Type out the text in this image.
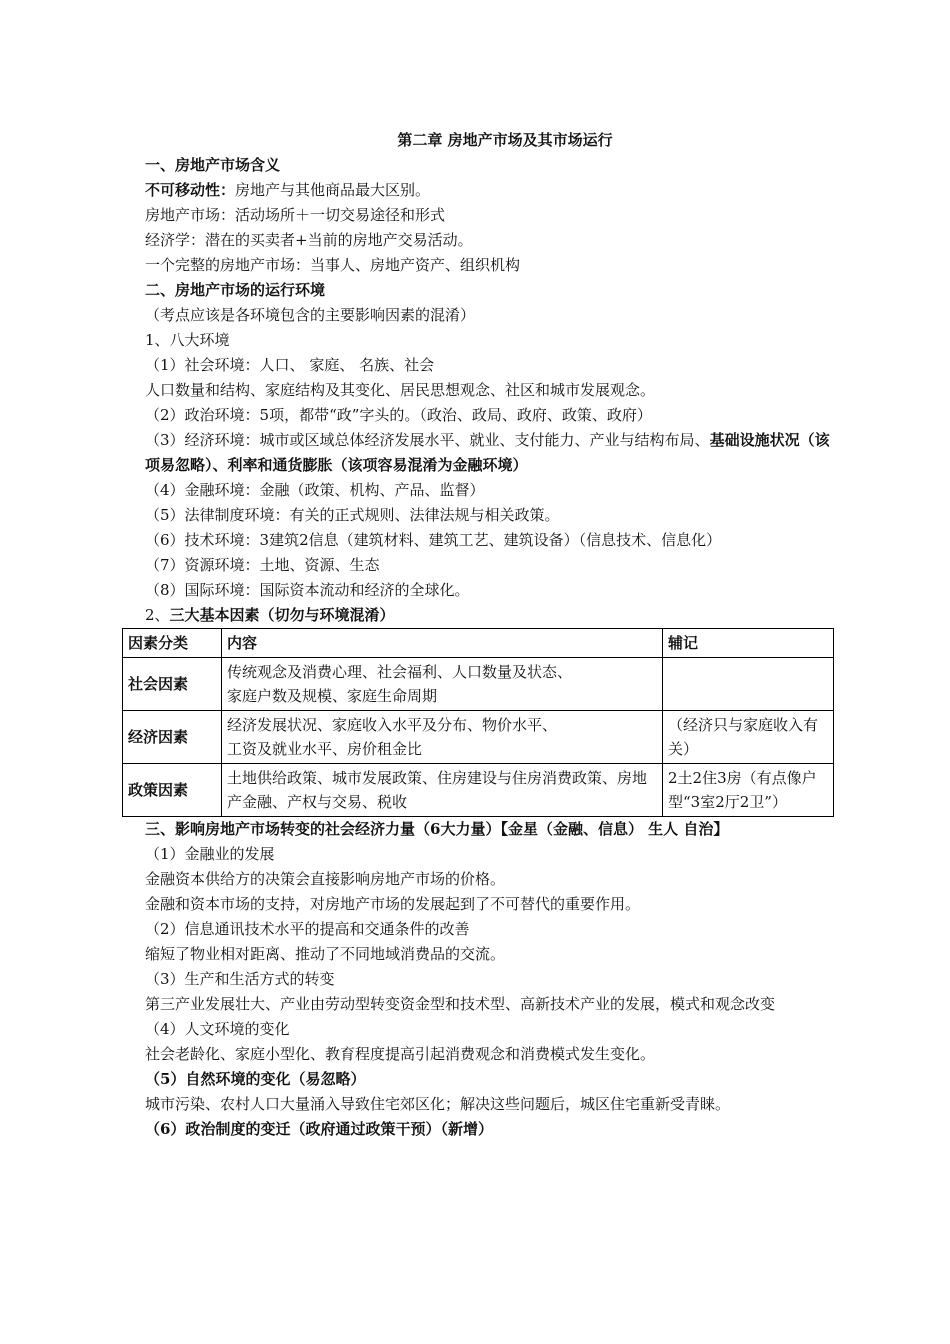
第二章 房地产市场及其市场运行
一、房地产市场含义
不可移动性：房地产与其他商品最大区别。
房地产市场：活动场所＋一切交易途径和形式
经济学：潜在的买卖者+当前的房地产交易活动。
一个完整的房地产市场：当事人、房地产资产、组织机构
二、房地产市场的运行环境
（考点应该是各环境包含的主要影响因素的混淆）
1、八大环境
（1）社会环境：人口、 家庭、 名族、社会
人口数量和结构、家庭结构及其变化、居民思想观念、社区和城市发展观念。
（2）政治环境：5项，都带“政”字头的。（政治、政局、政府、政策、政府）
（3）经济环境：城市或区域总体经济发展水平、就业、支付能力、产业与结构布局、基础设施状况（该项易忽略）、利率和通货膨胀（该项容易混淆为金融环境）
（4）金融环境：金融（政策、机构、产品、监督）
（5）法律制度环境：有关的正式规则、法律法规与相关政策。
（6）技术环境：3建筑2信息（建筑材料、建筑工艺、建筑设备）（信息技术、信息化）
（7）资源环境：土地、资源、生态
（8）国际环境：国际资本流动和经济的全球化。
2、三大基本因素（切勿与环境混淆）
因素分类	内容	辅记
社会因素	传统观念及消费心理、社会福利、人口数量及状态、
家庭户数及规模、家庭生命周期	

经济因素	经济发展状况、家庭收入水平及分布、物价水平、
工资及就业水平、房价租金比	（经济只与家庭收入有关）
政策因素	土地供给政策、城市发展政策、住房建设与住房消费政策、房地产金融、产权与交易、税收	2土2住3房（有点像户型“3室2厅2卫”）
三、影响房地产市场转变的社会经济力量（6大力量）【金星（金融、信息） 生人 自治】
（1）金融业的发展
金融资本供给方的决策会直接影响房地产市场的价格。
金融和资本市场的支持，对房地产市场的发展起到了不可替代的重要作用。
（2）信息通讯技术水平的提高和交通条件的改善
缩短了物业相对距离、推动了不同地域消费品的交流。
（3）生产和生活方式的转变
第三产业发展壮大、产业由劳动型转变资金型和技术型、高新技术产业的发展，模式和观念改变
（4）人文环境的变化
社会老龄化、家庭小型化、教育程度提高引起消费观念和消费模式发生变化。
（5）自然环境的变化（易忽略）
城市污染、农村人口大量涌入导致住宅郊区化；解决这些问题后，城区住宅重新受青睐。
（6）政治制度的变迁（政府通过政策干预）（新增）
